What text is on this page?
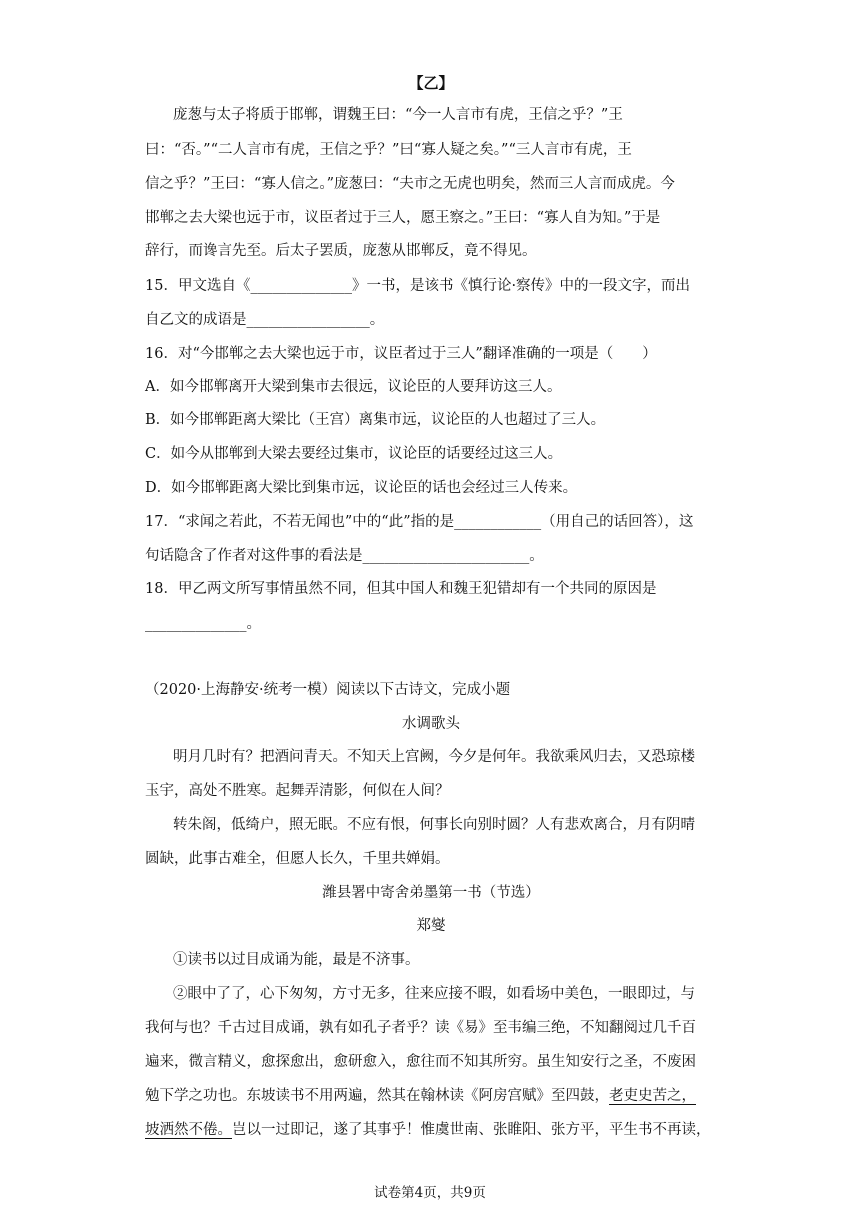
【乙】
庞葱与太子将质于邯郸，谓魏王曰：“今一人言市有虎，王信之乎？”王
曰：“否。”“二人言市有虎，王信之乎？”曰“寡人疑之矣。”“三人言市有虎，王
信之乎？”王曰：“寡人信之。”庞葱曰：“夫市之无虎也明矣，然而三人言而成虎。今
邯郸之去大梁也远于市，议臣者过于三人，愿王察之。”王曰：“寡人自为知。”于是
辞行，而谗言先至。后太子罢质，庞葱从邯郸反，竟不得见。
15．甲文选自《______________》一书，是该书《慎行论·察传》中的一段文字，而出
自乙文的成语是_________________。
16．对“今邯郸之去大梁也远于市，议臣者过于三人”翻译准确的一项是（　　）
A．如今邯郸离开大梁到集市去很远，议论臣的人要拜访这三人。
B．如今邯郸距离大梁比（王宫）离集市远，议论臣的人也超过了三人。
C．如今从邯郸到大梁去要经过集市，议论臣的话要经过这三人。
D．如今邯郸距离大梁比到集市远，议论臣的话也会经过三人传来。
17．“求闻之若此，不若无闻也”中的“此”指的是____________（用自己的话回答），这
句话隐含了作者对这件事的看法是_______________________。
18．甲乙两文所写事情虽然不同，但其中国人和魏王犯错却有一个共同的原因是
______________。
（2020·上海静安·统考一模）阅读以下古诗文，完成小题
水调歌头
明月几时有？把酒问青天。不知天上宫阙，今夕是何年。我欲乘风归去，又恐琼楼
玉宇，高处不胜寒。起舞弄清影，何似在人间？
转朱阁，低绮户，照无眠。不应有恨，何事长向别时圆？人有悲欢离合，月有阴晴
圆缺，此事古难全，但愿人长久，千里共婵娟。
潍县署中寄舍弟墨第一书（节选）
郑燮
①读书以过目成诵为能，最是不济事。
②眼中了了，心下匆匆，方寸无多，往来应接不暇，如看场中美色，一眼即过，与
我何与也？千古过目成诵，孰有如孔子者乎？读《易》至韦编三绝，不知翻阅过几千百
遍来，微言精义，愈探愈出，愈研愈入，愈往而不知其所穷。虽生知安行之圣，不废困
勉下学之功也。东坡读书不用两遍，然其在翰林读《阿房宫赋》至四鼓，老吏史苦之，
坡洒然不倦。岂以一过即记，遂了其事乎！惟虞世南、张睢阳、张方平，平生书不再读，
试卷第4页，共9页
